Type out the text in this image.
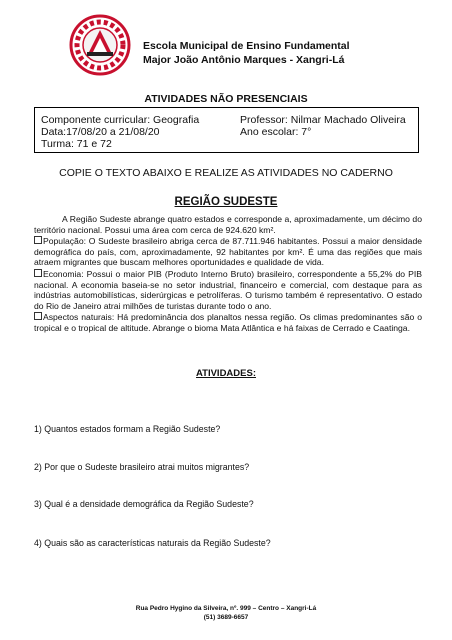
Escola Municipal de Ensino Fundamental
Major João Antônio Marques - Xangri-Lá
ATIVIDADES NÃO PRESENCIAIS
Componente curricular: Geografia	Professor: Nilmar Machado Oliveira
Data:17/08/20 a 21/08/20	Ano escolar: 7°
Turma: 71 e 72
COPIE O TEXTO ABAIXO E REALIZE AS ATIVIDADES NO CADERNO
REGIÃO SUDESTE

A Região Sudeste abrange quatro estados e corresponde a, aproximadamente, um décimo do território nacional. Possui uma área com cerca de 924.620 km².

População: O Sudeste brasileiro abriga cerca de 87.711.946 habitantes. Possui a maior densidade demográfica do país, com, aproximadamente, 92 habitantes por km². É uma das regiões que mais atraem migrantes que buscam melhores oportunidades e qualidade de vida.

Economia: Possui o maior PIB (Produto Interno Bruto) brasileiro, correspondente a 55,2% do PIB nacional. A economia baseia-se no setor industrial, financeiro e comercial, com destaque para as indústrias automobilísticas, siderúrgicas e petrolíferas. O turismo também é representativo. O estado do Rio de Janeiro atrai milhões de turistas durante todo o ano.

Aspectos naturais: Há predominância dos planaltos nessa região. Os climas predominantes são o tropical e o tropical de altitude. Abrange o bioma Mata Atlântica e há faixas de Cerrado e Caatinga.

ATIVIDADES:
1) Quantos estados formam a Região Sudeste?
2) Por que o Sudeste brasileiro atrai muitos migrantes?
3) Qual é a densidade demográfica da Região Sudeste?
4) Quais são as características naturais da Região Sudeste?
Rua Pedro Hygino da Silveira, nº. 999 – Centro – Xangri-Lá
(51) 3689-6657
